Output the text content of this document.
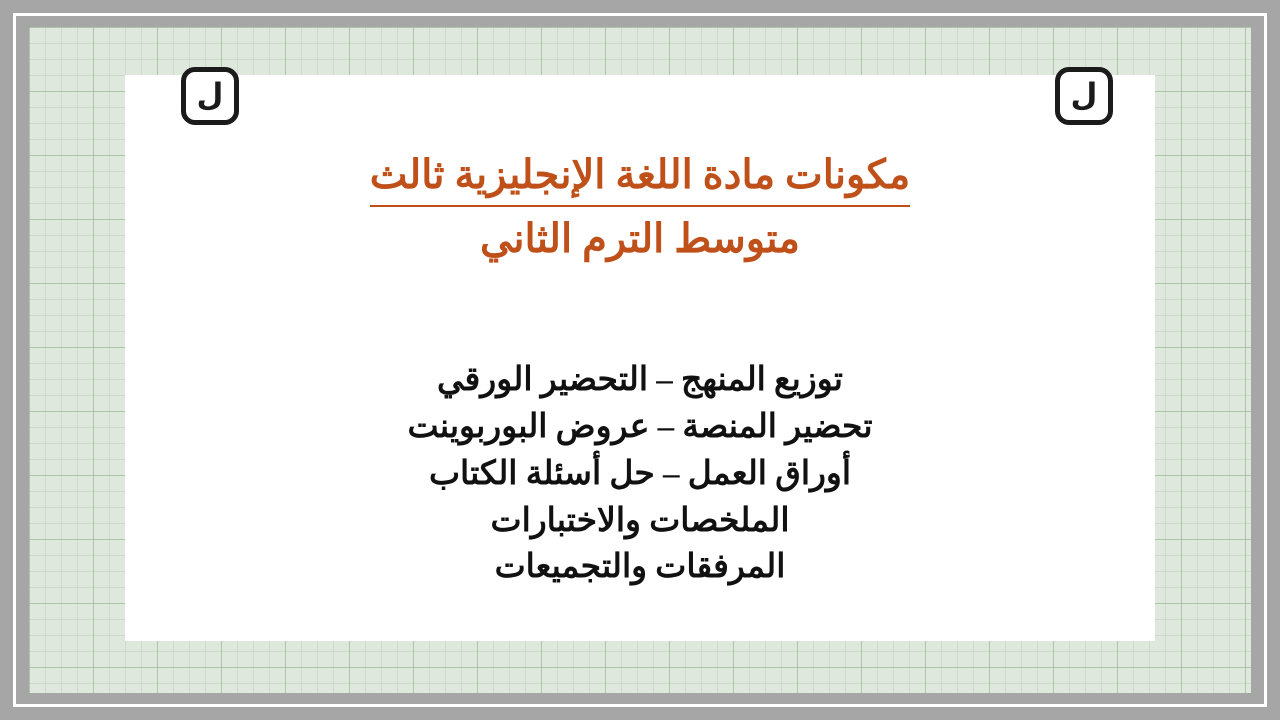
مكونات مادة اللغة الإنجليزية ثالث
متوسط الترم الثاني

توزيع المنهج – التحضير الورقي

تحضير المنصة – عروض البوربوينت

أوراق العمل – حل أسئلة الكتاب

الملخصات والاختبارات

المرفقات والتجميعات

ل	ل
